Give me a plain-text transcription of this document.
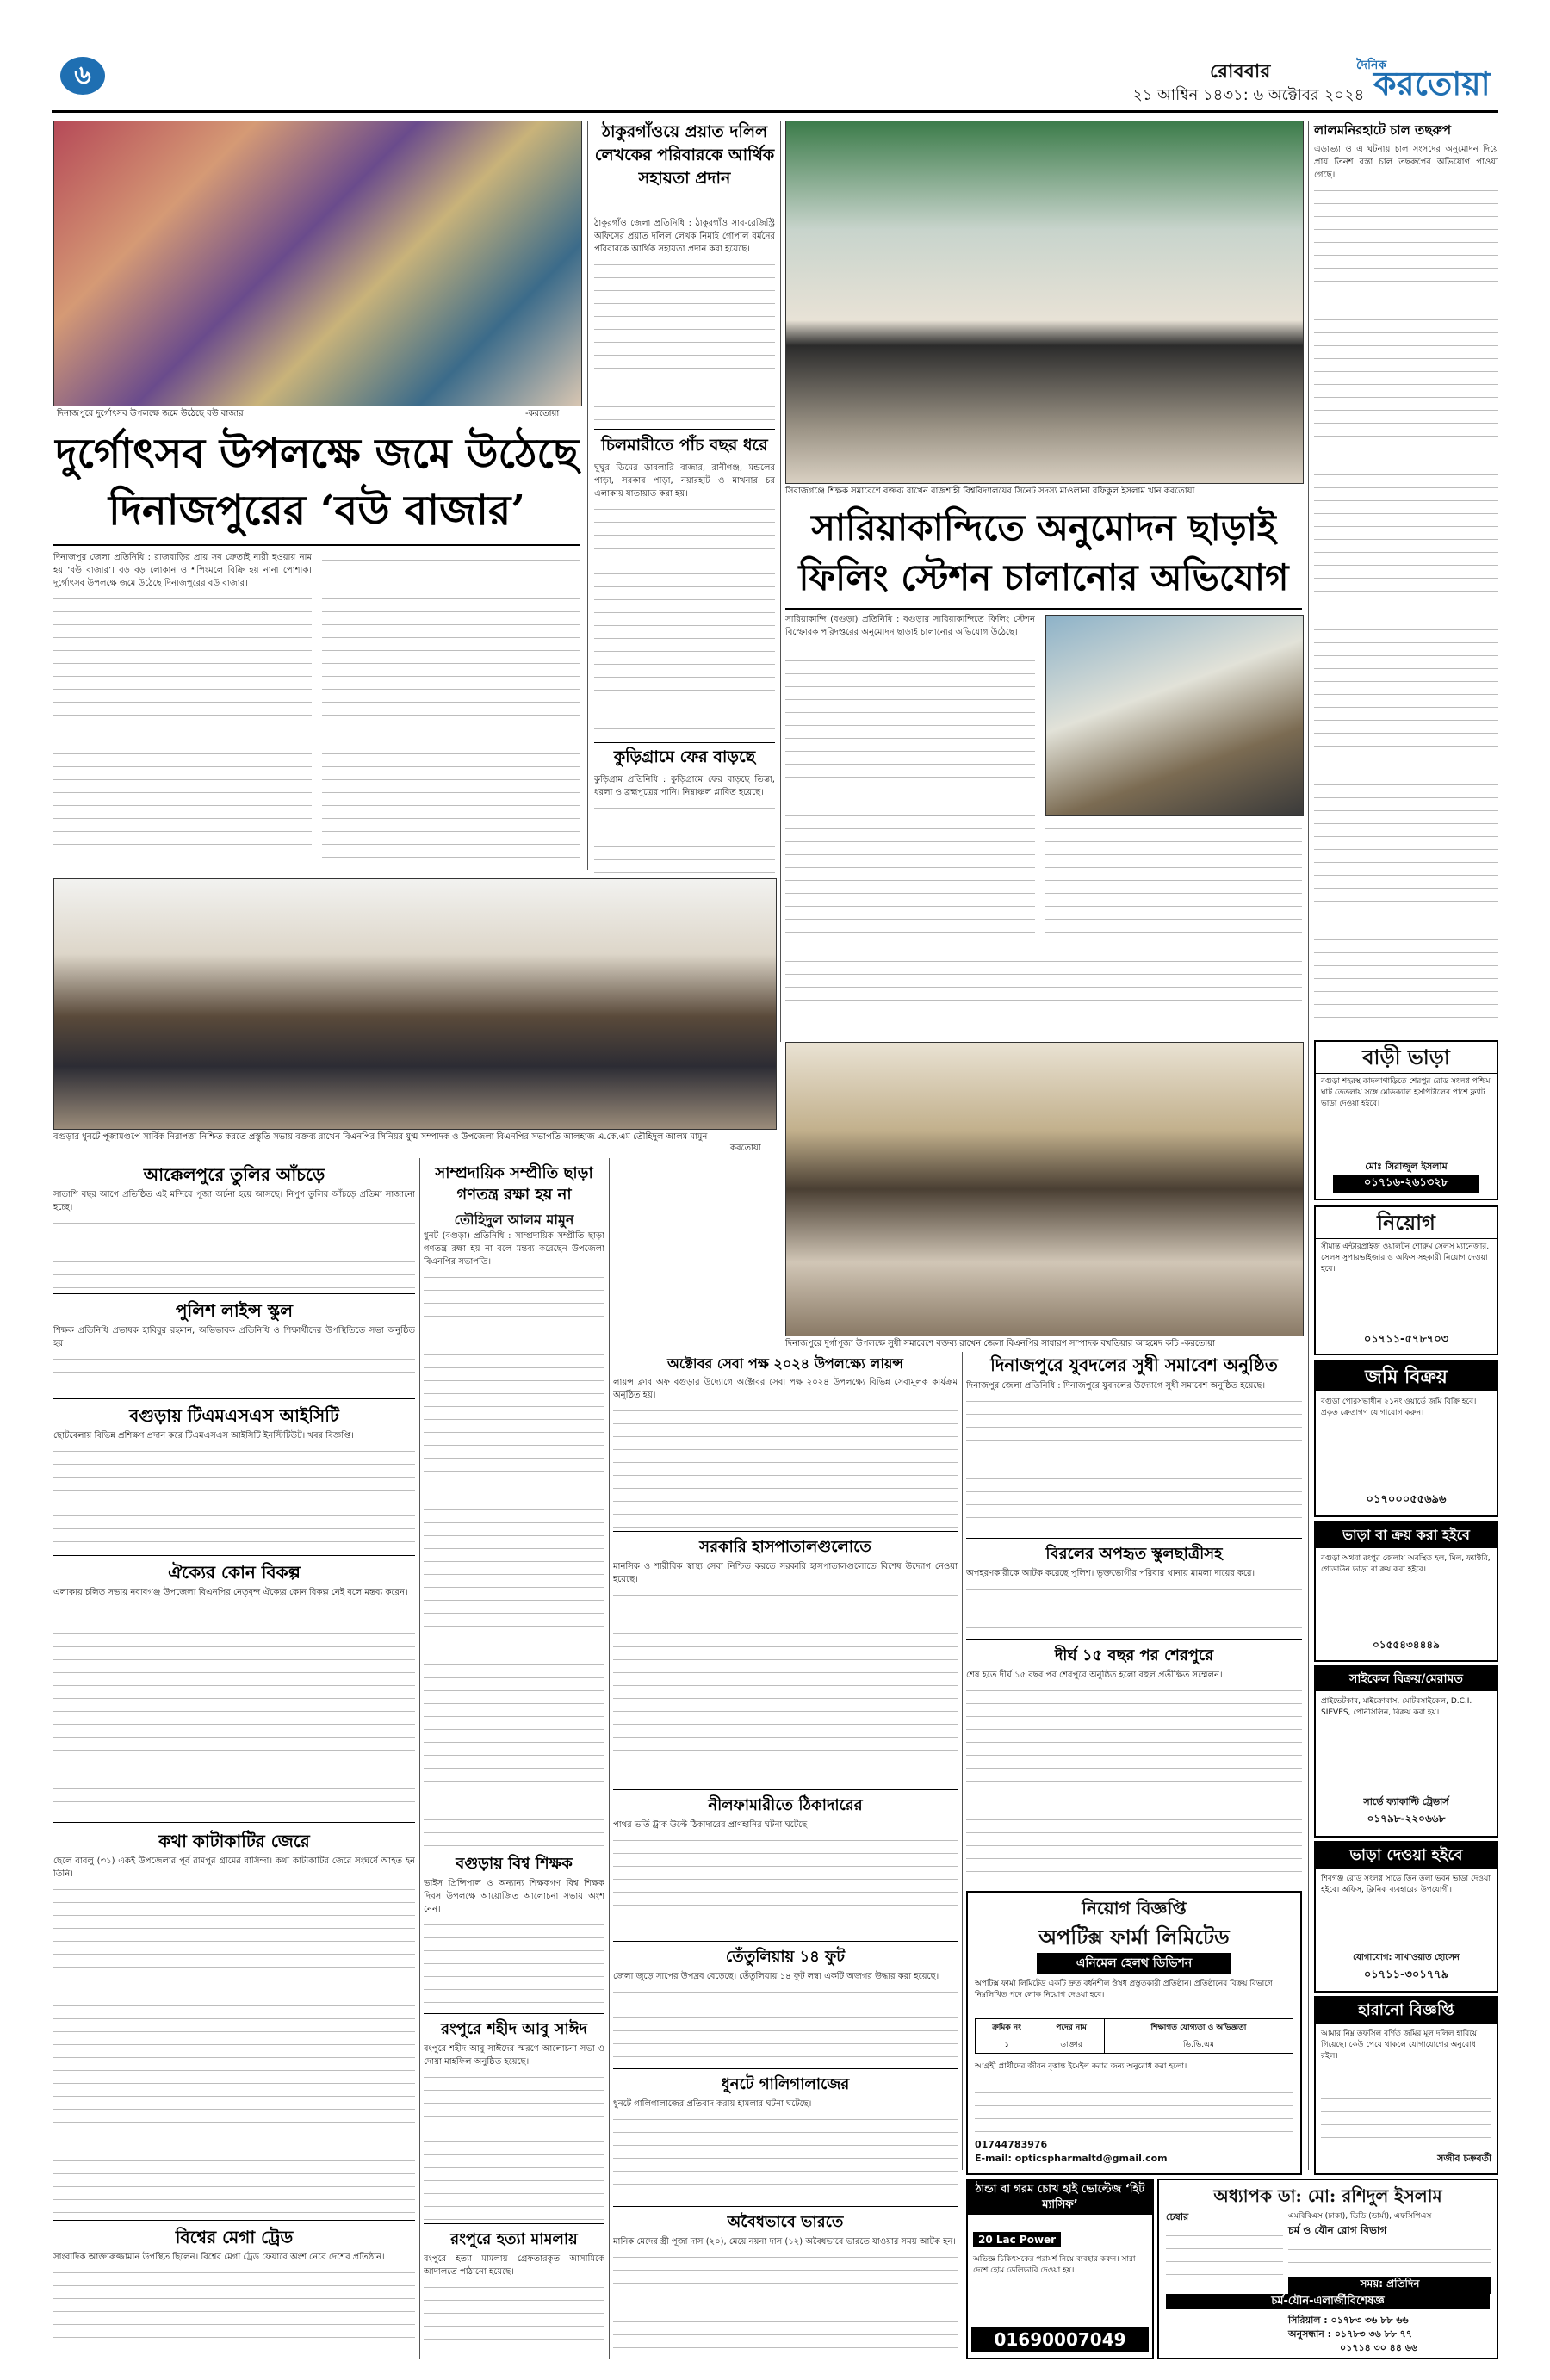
৬	রোববার
২১ আশ্বিন ১৪৩১: ৬ অক্টোবর ২০২৪
দৈনিক
করতোয়া
দিনাজপুরে দুর্গোৎসব উপলক্ষে জমে উঠেছে বউ বাজার	-করতোয়া
দুর্গোৎসব উপলক্ষে জমে উঠেছে
দিনাজপুরের ‘বউ বাজার’

দিনাজপুর জেলা প্রতিনিধি : রাজবাড়ির প্রায় সব ক্রেতাই নারী হওয়ায় নাম হয় ‘বউ বাজার’। বড় বড় লোকান ও শপিংমলে বিক্রি হয় নানা পোশাক। দুর্গোৎসব উপলক্ষে জমে উঠেছে দিনাজপুরের বউ বাজার।

ঠাকুরগাঁওয়ে প্রয়াত দলিল লেখকের পরিবারকে আর্থিক সহায়তা প্রদান

ঠাকুরগাঁও জেলা প্রতিনিধি : ঠাকুরগাঁও সাব-রেজিস্ট্রি অফিসের প্রয়াত দলিল লেখক নিমাই গোপাল বর্মনের পরিবারকে আর্থিক সহায়তা প্রদান করা হয়েছে।

চিলমারীতে পাঁচ বছর ধরে

ঘুঘুর ডিমের ডাবলারি বাজার, রানীগঞ্জ, মন্ডলের পাড়া, সরকার পাড়া, নয়ারহাট ও মাখনার চর এলাকায় যাতায়াত করা হয়।

কুড়িগ্রামে ফের বাড়ছে

কুড়িগ্রাম প্রতিনিধি : কুড়িগ্রামে ফের বাড়ছে তিস্তা, ধরলা ও ব্রহ্মপুত্রের পানি। নিম্নাঞ্চল প্লাবিত হয়েছে।

সিরাজগঞ্জে শিক্ষক সমাবেশে বক্তব্য রাখেন রাজশাহী বিশ্ববিদ্যালয়ের সিনেট সদস্য মাওলানা রফিকুল ইসলাম খান করতোয়া
সারিয়াকান্দিতে অনুমোদন ছাড়াই
ফিলিং স্টেশন চালানোর অভিযোগ

সারিয়াকান্দি (বগুড়া) প্রতিনিধি : বগুড়ার সারিয়াকান্দিতে ফিলিং স্টেশন বিস্ফোরক পরিদপ্তরের অনুমোদন ছাড়াই চালানোর অভিযোগ উঠেছে।

লালমনিরহাটে চাল তছরুপ

এডাভ্যা ও এ ঘটনায় চাল সংসদের অনুমোদন দিয়ে প্রায় তিনশ বস্তা চাল তছরুপের অভিযোগ পাওয়া গেছে।

বগুড়ার ধুনটে পূজামণ্ডপে সার্বিক নিরাপত্তা নিশ্চিত করতে প্রস্তুতি সভায় বক্তব্য রাখেন বিএনপির সিনিয়র যুগ্ম সম্পাদক ও উপজেলা বিএনপির সভাপতি আলহাজ এ.কে.এম তৌহিদুল আলম মামুন
করতোয়া
দিনাজপুরে দুর্গাপূজা উপলক্ষে সুধী সমাবেশে বক্তব্য রাখেন জেলা বিএনপির সাধারণ সম্পাদক বখতিয়ার আহমেদ কচি -করতোয়া
আক্কেলপুরে তুলির আঁচড়ে

সাতাশি বছর আগে প্রতিষ্ঠিত এই মন্দিরে পূজা অর্চনা হয়ে আসছে। নিপুণ তুলির আঁচড়ে প্রতিমা সাজানো হচ্ছে।

সাম্প্রদায়িক সম্প্রীতি ছাড়া গণতন্ত্র রক্ষা হয় না
তৌহিদুল আলম মামুন

ধুনট (বগুড়া) প্রতিনিধি : সাম্প্রদায়িক সম্প্রীতি ছাড়া গণতন্ত্র রক্ষা হয় না বলে মন্তব্য করেছেন উপজেলা বিএনপির সভাপতি।

পুলিশ লাইন্স স্কুল

শিক্ষক প্রতিনিধি প্রভাষক হাবিবুর রহমান, অভিভাবক প্রতিনিধি ও শিক্ষার্থীদের উপস্থিতিতে সভা অনুষ্ঠিত হয়।

বগুড়ায় টিএমএসএস আইসিটি

ছোটবেলায় বিভিন্ন প্রশিক্ষণ প্রদান করে টিএমএসএস আইসিটি ইনস্টিটিউট। খবর বিজ্ঞপ্তি।

ঐক্যের কোন বিকল্প

এলাকায় চলিত সভায় নবাবগঞ্জ উপজেলা বিএনপির নেতৃবৃন্দ ঐক্যের কোন বিকল্প নেই বলে মন্তব্য করেন।

কথা কাটাকাটির জেরে

ছেলে বাবলু (৩১) একই উপজেলার পূর্ব রামপুর গ্রামের বাসিন্দা। কথা কাটাকাটির জেরে সংঘর্ষে আহত হন তিনি।

বিশ্বের মেগা ট্রেড

সাংবাদিক আক্তারুজ্জামান উপস্থিত ছিলেন। বিশ্বের মেগা ট্রেড ফেয়ারে অংশ নেবে দেশের প্রতিষ্ঠান।

বগুড়ায় বিশ্ব শিক্ষক

ভাইস প্রিন্সিপাল ও অন্যান্য শিক্ষকগণ বিশ্ব শিক্ষক দিবস উপলক্ষে আয়োজিত আলোচনা সভায় অংশ নেন।

রংপুরে শহীদ আবু সাঈদ

রংপুরে শহীদ আবু সাঈদের স্মরণে আলোচনা সভা ও দোয়া মাহফিল অনুষ্ঠিত হয়েছে।

রংপুরে হত্যা মামলায়

রংপুরে হত্যা মামলায় গ্রেফতারকৃত আসামিকে আদালতে পাঠানো হয়েছে।

অক্টোবর সেবা পক্ষ ২০২৪ উপলক্ষ্যে লায়ন্স

লায়ন্স ক্লাব অফ বগুড়ার উদ্যোগে অক্টোবর সেবা পক্ষ ২০২৪ উপলক্ষ্যে বিভিন্ন সেবামূলক কার্যক্রম অনুষ্ঠিত হয়।

সরকারি হাসপাতালগুলোতে

মানসিক ও শারীরিক স্বাস্থ্য সেবা নিশ্চিত করতে সরকারি হাসপাতালগুলোতে বিশেষ উদ্যোগ নেওয়া হয়েছে।

নীলফামারীতে ঠিকাদারের

পাথর ভর্তি ট্রাক উল্টে ঠিকাদারের প্রাণহানির ঘটনা ঘটেছে।

তেঁতুলিয়ায় ১৪ ফুট

জেলা জুড়ে সাপের উপদ্রব বেড়েছে। তেঁতুলিয়ায় ১৪ ফুট লম্বা একটি অজগর উদ্ধার করা হয়েছে।

ধুনটে গালিগালাজের

ধুনটে গালিগালাজের প্রতিবাদ করায় হামলার ঘটনা ঘটেছে।

অবৈধভাবে ভারতে

মানিক মেদের স্ত্রী পূজা দাস (২০), মেয়ে নয়না দাস (১২) অবৈধভাবে ভারতে যাওয়ার সময় আটক হন।

দিনাজপুরে যুবদলের সুধী সমাবেশ অনুষ্ঠিত

দিনাজপুর জেলা প্রতিনিধি : দিনাজপুরে যুবদলের উদ্যোগে সুধী সমাবেশ অনুষ্ঠিত হয়েছে।

বিরলের অপহৃত স্কুলছাত্রীসহ

অপহরণকারীকে আটক করেছে পুলিশ। ভুক্তভোগীর পরিবার থানায় মামলা দায়ের করে।

দীর্ঘ ১৫ বছর পর শেরপুরে

শেষ হতে দীর্ঘ ১৫ বছর পর শেরপুরে অনুষ্ঠিত হলো বহুল প্রতীক্ষিত সম্মেলন।

নিয়োগ বিজ্ঞপ্তি
অপটিক্স ফার্মা লিমিটেড
এনিমেল হেলথ ডিভিশন
অপটিক্স ফার্মা লিমিটেড একটি দ্রুত বর্ধনশীল ঔষধ প্রস্তুতকারী প্রতিষ্ঠান। প্রতিষ্ঠানের বিক্রয় বিভাগে নিম্নলিখিত পদে লোক নিয়োগ দেওয়া হবে।
ক্রমিক নং	পদের নাম	শিক্ষাগত যোগ্যতা ও অভিজ্ঞতা
১	ডাক্তার	ডি.ভি.এম
আগ্রহী প্রার্থীদের জীবন বৃত্তান্ত ইমেইল করার জন্য অনুরোধ করা হলো।
01744783976
E-mail: opticspharmaltd@gmail.com
ঠান্ডা বা গরম চোখ হাই ভোল্টেজ ‘হিট ম্যাসিফ’
20 Lac Power
অভিজ্ঞ চিকিৎসকের পরামর্শ নিয়ে ব্যবহার করুন। সারা দেশে হোম ডেলিভারি দেওয়া হয়।
01690007049
অধ্যাপক ডা: মো: রশিদুল ইসলাম
এমবিবিএস (ঢাকা), ডিডি (ডার্মা), এফসিপিএস
চর্ম ও যৌন রোগ বিভাগ
চেম্বার
সময়: প্রতিদিন
চর্ম-যৌন-এলার্জীবিশেষজ্ঞ
সিরিয়াল : ০১৭৮৩ ৩৬ ৮৮ ৬৬
অনুসন্ধান : ০১৭৮৩ ৩৬ ৮৮ ৭৭
০১৭১৪ ৩০ ৪৪ ৬৬
বাড়ী ভাড়া
বগুড়া শহরস্থ কাদলাগাড়িতে শেরপুর রোড সংলগ্ন পশ্চিম ঘাট তেতলায় সঙ্গে মেডিক্যাল হসপিটালের পাশে ফ্ল্যাট ভাড়া দেওয়া হইবে।
মোঃ সিরাজুল ইসলাম
০১৭১৬-২৬১৩২৮
নিয়োগ
সীমান্ত এন্টারপ্রাইজ ওয়ালটন শোরুম সেলস ম্যানেজার, সেলস সুপারভাইজার ও অফিস সহকারী নিয়োগ দেওয়া হবে।
০১৭১১-৫৭৮৭০৩
জমি বিক্রয়
বগুড়া পৌরসভাধীন ২১নং ওয়ার্ডে জমি বিক্রি হবে। প্রকৃত ক্রেতাগণ যোগাযোগ করুন।
০১৭০০০৫৫৬৯৬
ভাড়া বা ক্রয় করা হইবে
বগুড়া অথবা রংপুর জেলায় অবস্থিত হল, মিল, ফ্যাক্টরি, গোডাউন ভাড়া বা ক্রয় করা হইবে।
০১৫৫৪৩৪৪৪৯
সাইকেল বিক্রয়/মেরামত
প্রাইভেটকার, মাইক্রোবাস, মোটরসাইকেল, D.C.I. SIEVES, পেনিসিলিন, বিক্রয় করা হয়।
সার্ভে ফ্যাকাল্টি ট্রেডার্স
০১৭৯৮-২২০৬৬৮
ভাড়া দেওয়া হইবে
শিবগঞ্জ রোড সংলগ্ন সাড়ে তিন তলা ভবন ভাড়া দেওয়া হইবে। অফিস, ক্লিনিক ব্যবহারের উপযোগী।
যোগাযোগ: সাখাওয়াত হোসেন
০১৭১১-৩০১৭৭৯
হারানো বিজ্ঞপ্তি
আমার নিম্ন তফসিল বর্ণিত জমির মূল দলিল হারিয়ে গিয়েছে। কেউ পেয়ে থাকলে যোগাযোগের অনুরোধ রইল।
সজীব চক্রবর্তী
